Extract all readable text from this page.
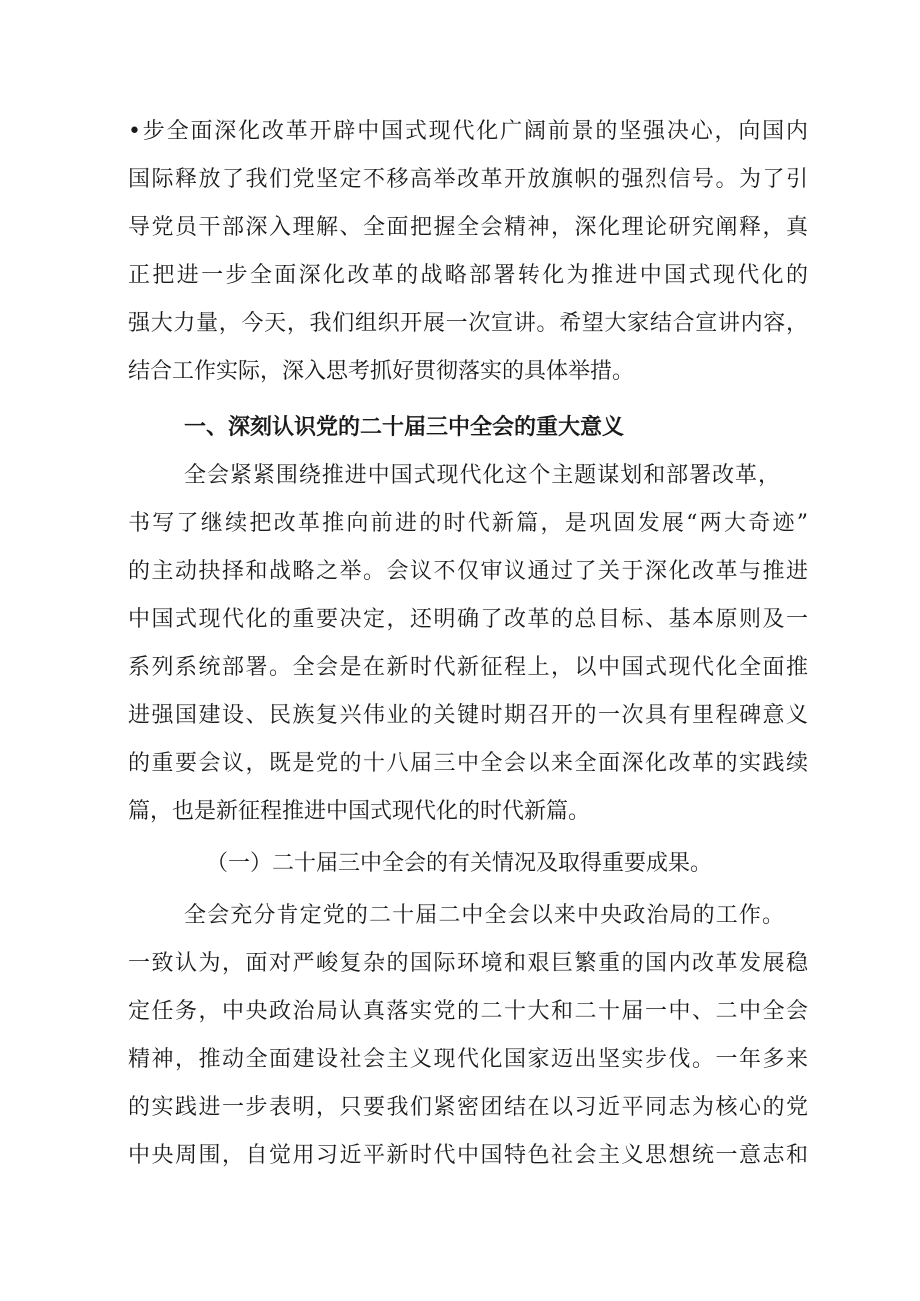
•步全面深化改革开辟中国式现代化广阔前景的坚强决心，向国内
国际释放了我们党坚定不移高举改革开放旗帜的强烈信号。为了引
导党员干部深入理解、全面把握全会精神，深化理论研究阐释，真
正把进一步全面深化改革的战略部署转化为推进中国式现代化的
强大力量，今天，我们组织开展一次宣讲。希望大家结合宣讲内容，
结合工作实际，深入思考抓好贯彻落实的具体举措。
一、深刻认识党的二十届三中全会的重大意义
全会紧紧围绕推进中国式现代化这个主题谋划和部署改革，
书写了继续把改革推向前进的时代新篇，是巩固发展“两大奇迹”
的主动抉择和战略之举。会议不仅审议通过了关于深化改革与推进
中国式现代化的重要决定，还明确了改革的总目标、基本原则及一
系列系统部署。全会是在新时代新征程上，以中国式现代化全面推
进强国建设、民族复兴伟业的关键时期召开的一次具有里程碑意义
的重要会议，既是党的十八届三中全会以来全面深化改革的实践续
篇，也是新征程推进中国式现代化的时代新篇。
（一）二十届三中全会的有关情况及取得重要成果。
全会充分肯定党的二十届二中全会以来中央政治局的工作。
一致认为，面对严峻复杂的国际环境和艰巨繁重的国内改革发展稳
定任务，中央政治局认真落实党的二十大和二十届一中、二中全会
精神，推动全面建设社会主义现代化国家迈出坚实步伐。一年多来
的实践进一步表明，只要我们紧密团结在以习近平同志为核心的党
中央周围，自觉用习近平新时代中国特色社会主义思想统一意志和
